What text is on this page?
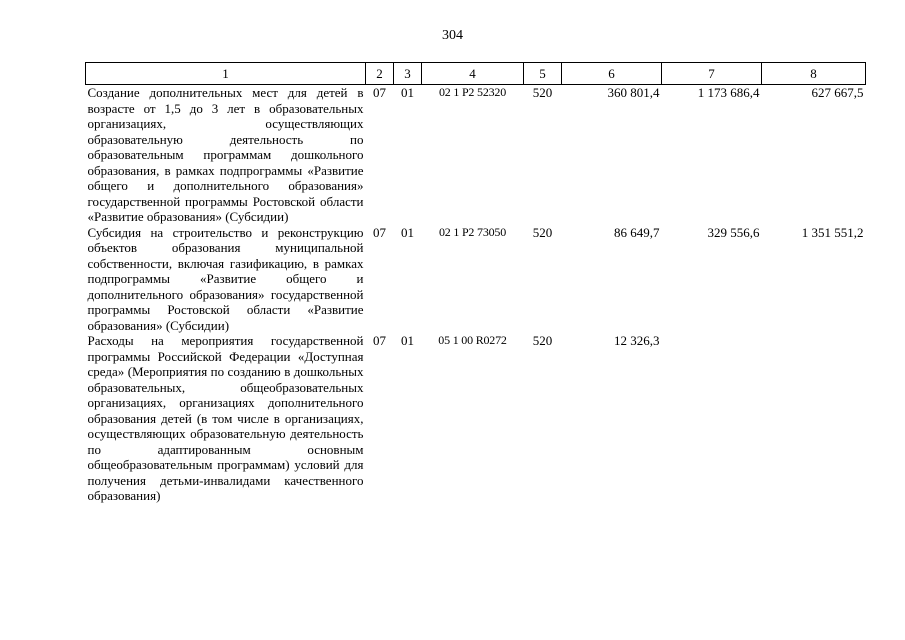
304
1	2	3	4	5	6	7	8
Создание дополнительных мест для детей в возрасте от 1,5 до 3 лет в образовательных организациях, осуществляющих образовательную деятельность по образовательным программам дошкольного образования, в рамках подпрограммы «Развитие общего и дополнительного образования» государственной программы Ростовской области «Развитие образования» (Субсидии)	07	01	02 1 P2 52320	520	360 801,4	1 173 686,4	627 667,5
Субсидия на строительство и реконструкцию объектов образования муниципальной собственности, включая газификацию, в рамках подпрограммы «Развитие общего и дополнительного образования» государственной программы Ростовской области «Развитие образования» (Субсидии)	07	01	02 1 P2 73050	520	86 649,7	329 556,6	1 351 551,2
Расходы на мероприятия государственной программы Российской Федерации «Доступная среда» (Мероприятия по созданию в дошкольных образовательных, общеобразовательных организациях, организациях дополнительного образования детей (в том числе в организациях, осуществляющих образовательную деятельность по адаптированным основным общеобразовательным программам) условий для получения детьми-инвалидами качественного образования)	07	01	05 1 00 R0272	520	12 326,3		
